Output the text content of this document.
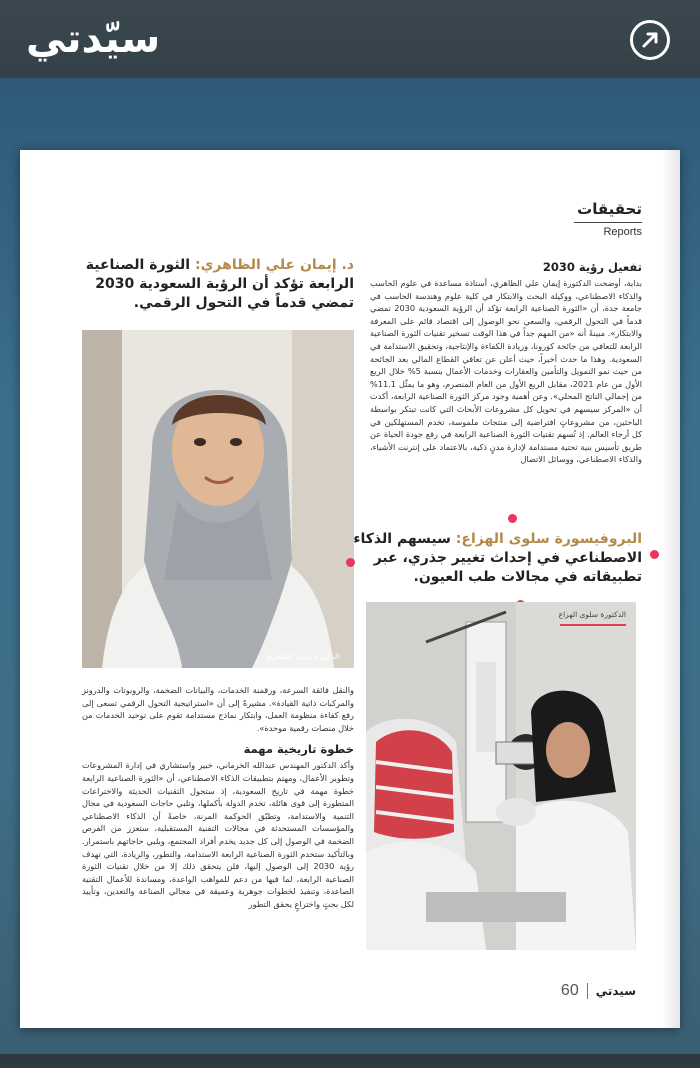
سيّدتي
تحقيقات
Reports
تفعيل رؤية 2030
بداية، أوضحت الدكتورة إيمان علي الظاهري، أستاذة مساعدة في علوم الحاسب والذكاء الاصطناعي، ووكيلة البحث والابتكار في كلية علوم وهندسة الحاسب في جامعة جدة، أن «الثورة الصناعية الرابعة تؤكد أن الرؤية السعودية 2030 تمضي قدماً في التحول الرقمي، والسعي نحو الوصول إلى اقتصاد قائم على المعرفة والابتكار». مبينةً أنه «من المهم جداً في هذا الوقت تسخير تقنيات الثورة الصناعية الرابعة للتعافي من جائحة كورونا، وزيادة الكفاءة والإنتاجية، وتحقيق الاستدامة في السعودية. وهذا ما حدث أخيراً، حيث أعلن عن تعافي القطاع المالي بعد الجائحة من حيث نمو التمويل والتأمين والعقارات وخدمات الأعمال بنسبة 5% خلال الربع الأول من عام 2021، مقابل الربع الأول من العام المنصرم، وهو ما يمثّل 11.1% من إجمالي الناتج المحلي». وعن أهمية وجود مركز الثورة الصناعية الرابعة، أكدت أن «المركز سيسهم في تحويل كل مشروعات الأبحاث التي كانت تبتكر بواسطة الباحثين، من مشروعاتٍ افتراضية إلى منتجات ملموسة، تخدم المستهلكين في كل أرجاء العالم. إذ تُسهم تقنيات الثورة الصناعية الرابعة في رفع جودة الحياة عن طريق تأسيس بنية تحتية مستدامة لإدارة مدنٍ ذكية، بالاعتماد على إنترنت الأشياء، والذكاء الاصطناعي، ووسائل الاتصال
د. إيمان علي الظاهري: الثورة الصناعية الرابعة تؤكد أن الرؤية السعودية 2030 تمضي قدماً في التحول الرقمي.
الدكتورة إيمان الظاهري
البروفيسورة سلوى الهزاع: سيسهم الذكاء الاصطناعي في إحداث تغيير جذري، عبر تطبيقاته في مجالات طب العيون.
الدكتورة سلوى الهزاع
والنقل فائقة السرعة، ورقمنة الخدمات، والبيانات الضخمة، والروبوتات والدرونز والمركبات ذاتية القيادة». مشيرةً إلى أن «استراتيجية التحول الرقمي تسعى إلى رفع كفاءة منظومة العمل، وابتكار نماذج مستدامة تقوم على توحيد الخدمات من خلال منصات رقمية موحدة».
خطوة تاريخية مهمة
وأكد الدكتور المهندس عبدالله الخرماني، خبير واستشاري في إدارة المشروعات وتطوير الأعمال، ومهتم بتطبيقات الذكاء الاصطناعي، أن «الثورة الصناعية الرابعة خطوة مهمة في تاريخ السعودية، إذ ستحول التقنيات الحديثة والاختراعات المتطورة إلى قوى هائلة، تخدم الدولة بأكملها، وتلبي حاجات السعودية في مجال التنمية والاستدامة، وتطبّق الحوكمة المرنة، خاصةً أن الذكاء الاصطناعي والمؤسسات المستحدثة في مجالات التقنية المستقبلية، ستعزز من الفرص الضخمة في الوصول إلى كل جديد يخدم أفراد المجتمع، ويلبي حاجاتهم باستمرار. وبالتأكيد ستخدم الثورة الصناعية الرابعة الاستدامة، والتطور، والريادة، التي تهدف رؤية 2030 إلى الوصول إليها، فلن يتحقق ذلك إلا من خلال تقنيات الثورة الصناعية الرابعة، لما فيها من دعم للمواهب الواعدة، ومساندة للأعمال التقنية الصاعدة، وتنفيذ لخطوات جوهرية وعميقة في مجالي الصناعة والتعدين، وتأييد لكل بحثٍ واختراعٍ يحقق التطور
60 سيدتي
